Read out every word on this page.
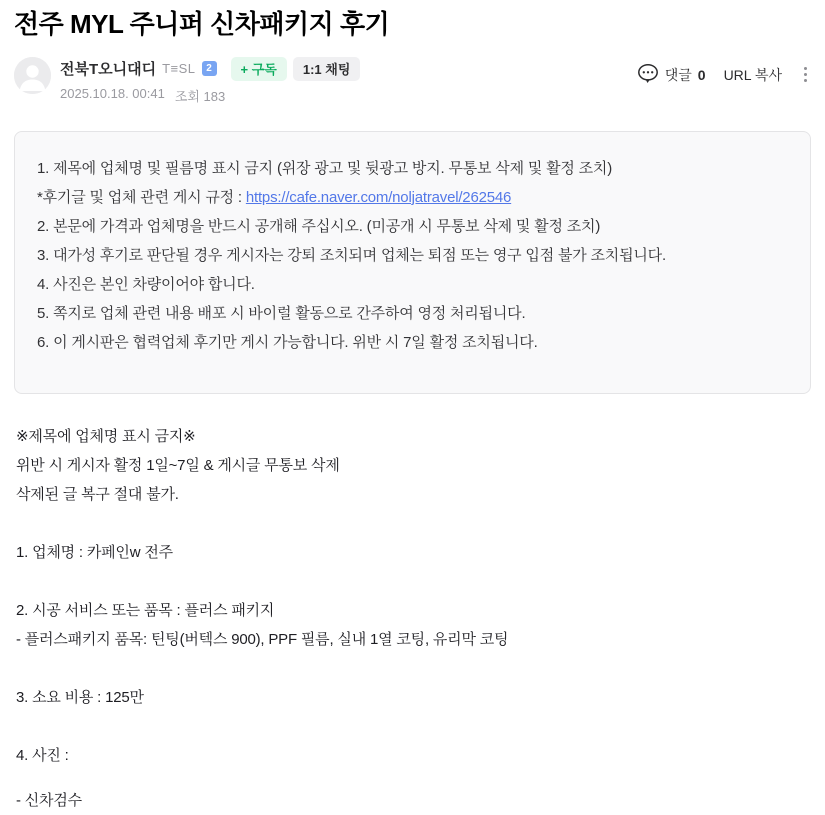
전주 MYL 주니퍼 신차패키지 후기
전북T오니대디 T≡SL	2	+ 구독	1:1 채팅
2025.10.18. 00:41 조회 183
댓글 0 URL 복사

1. 제목에 업체명 및 필름명 표시 금지 (위장 광고 및 뒷광고 방지. 무통보 삭제 및 활정 조치)

*후기글 및 업체 관련 게시 규정 : https://cafe.naver.com/noljatravel/262546

2. 본문에 가격과 업체명을 반드시 공개해 주십시오. (미공개 시 무통보 삭제 및 활정 조치)

3. 대가성 후기로 판단될 경우 게시자는 강퇴 조치되며 업체는 퇴점 또는 영구 입점 불가 조치됩니다.

4. 사진은 본인 차량이어야 합니다.

5. 쪽지로 업체 관련 내용 배포 시 바이럴 활동으로 간주하여 영정 처리됩니다.

6. 이 게시판은 협력업체 후기만 게시 가능합니다. 위반 시 7일 활정 조치됩니다.

※제목에 업체명 표시 금지※

위반 시 게시자 활정 1일~7일 & 게시글 무통보 삭제

삭제된 글 복구 절대 불가.

1. 업체명 : 카페인w 전주

2. 시공 서비스 또는 품목 : 플러스 패키지

- 플러스패키지 품목: 틴팅(버텍스 900), PPF 필름, 실내 1열 코팅, 유리막 코팅

3. 소요 비용 : 125만

4. 사진 :

- 신차검수
